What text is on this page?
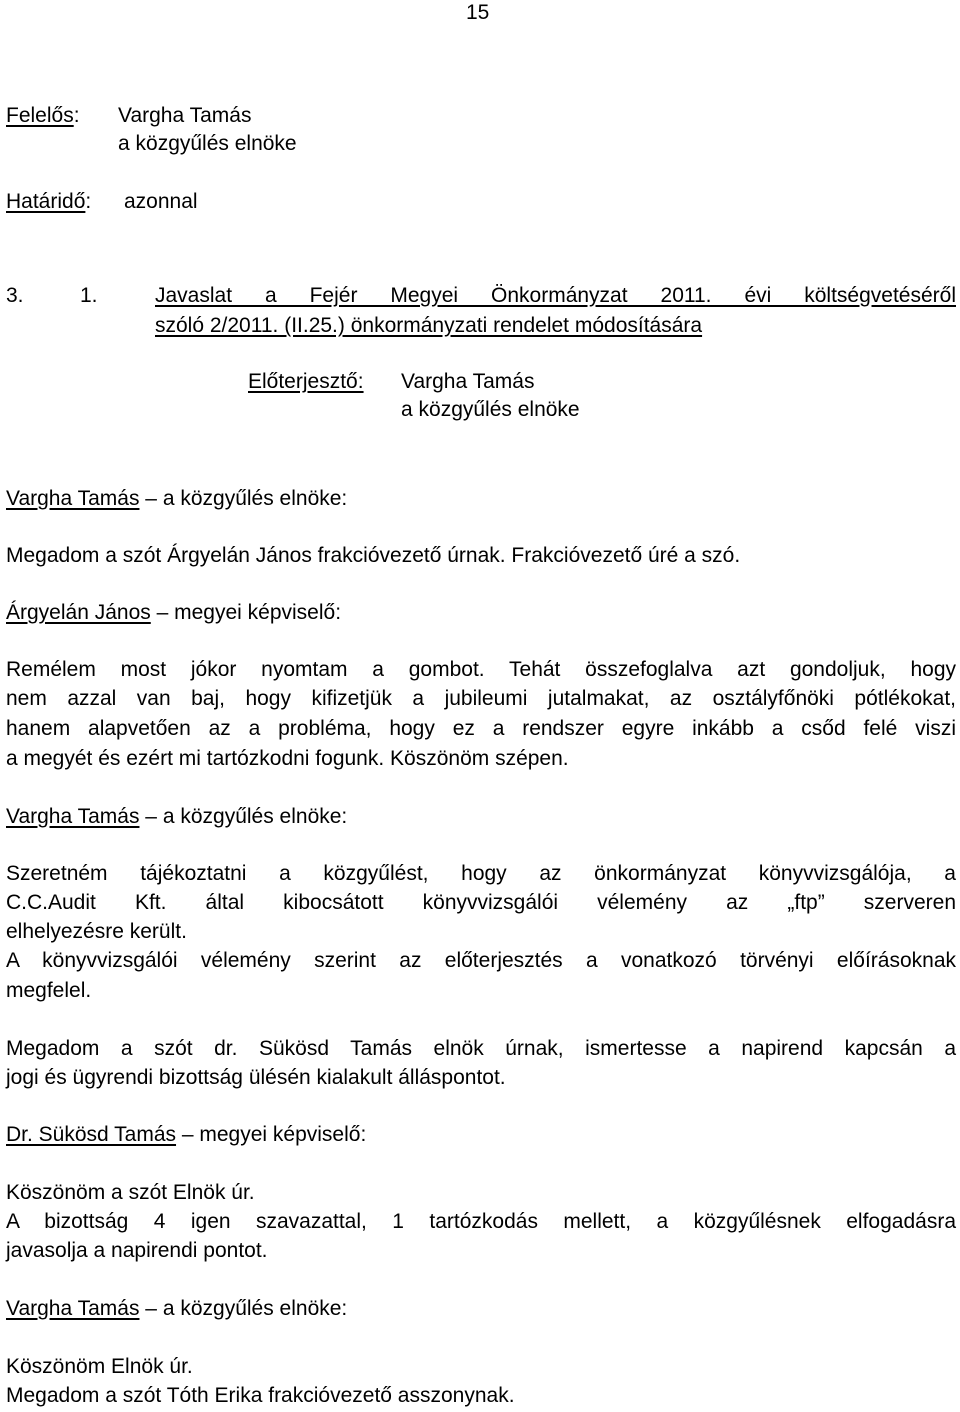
15
Felelős: Vargha Tamás
a közgyűlés elnöke
Határidő: azonnal
3.	1.	Javaslat a Fejér Megyei Önkormányzat 2011. évi költségvetéséről
szóló 2/2011. (II.25.) önkormányzati rendelet módosítására
Előterjesztő: Vargha Tamás
a közgyűlés elnöke
Vargha Tamás – a közgyűlés elnöke:
Megadom a szót Árgyelán János frakcióvezető úrnak. Frakcióvezető úré a szó.
Árgyelán János – megyei képviselő:
Remélem most jókor nyomtam a gombot. Tehát összefoglalva azt gondoljuk, hogy
nem azzal van baj, hogy kifizetjük a jubileumi jutalmakat, az osztályfőnöki pótlékokat,
hanem alapvetően az a probléma, hogy ez a rendszer egyre inkább a csőd felé viszi
a megyét és ezért mi tartózkodni fogunk. Köszönöm szépen.
Vargha Tamás – a közgyűlés elnöke:
Szeretném tájékoztatni a közgyűlést, hogy az önkormányzat könyvvizsgálója, a
C.C.Audit Kft. által kibocsátott könyvvizsgálói vélemény az „ftp” szerveren
elhelyezésre került.
A könyvvizsgálói vélemény szerint az előterjesztés a vonatkozó törvényi előírásoknak
megfelel.
Megadom a szót dr. Sükösd Tamás elnök úrnak, ismertesse a napirend kapcsán a
jogi és ügyrendi bizottság ülésén kialakult álláspontot.
Dr. Sükösd Tamás – megyei képviselő:
Köszönöm a szót Elnök úr.
A bizottság 4 igen szavazattal, 1 tartózkodás mellett, a közgyűlésnek elfogadásra
javasolja a napirendi pontot.
Vargha Tamás – a közgyűlés elnöke:
Köszönöm Elnök úr.
Megadom a szót Tóth Erika frakcióvezető asszonynak.
